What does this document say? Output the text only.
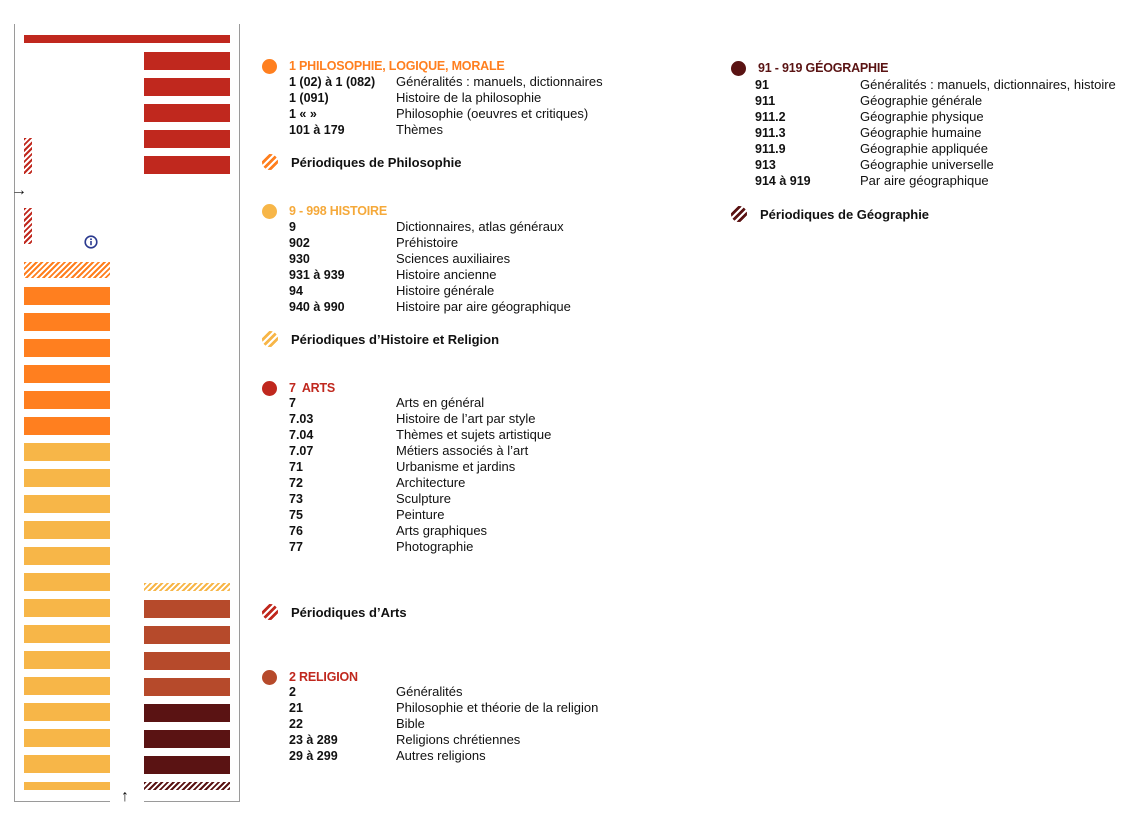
→
↑
1 PHILOSOPHIE, LOGIQUE, MORALE
1 (02) à 1 (082) Généralités : manuels, dictionnaires
1 (091)	Histoire de la philosophie
1 « »	Philosophie (oeuvres et critiques)
101 à 179	Thèmes
Périodiques de Philosophie
9 - 998 HISTOIRE
9	Dictionnaires, atlas généraux
902	Préhistoire
930	Sciences auxiliaires
931 à 939	Histoire ancienne
94	Histoire générale
940 à 990	Histoire par aire géographique
Périodiques d’Histoire et Religion
7  ARTS
7	Arts en général
7.03	Histoire de l’art par style
7.04	Thèmes et sujets artistique
7.07	Métiers associés à l’art
71	Urbanisme et jardins
72	Architecture
73	Sculpture
75	Peinture
76	Arts graphiques
77	Photographie
Périodiques d’Arts
2 RELIGION
2	Généralités
21	Philosophie et théorie de la religion
22	Bible
23 à 289	Religions chrétiennes
29 à 299	Autres religions
91 - 919 GÉOGRAPHIE
91	Généralités : manuels, dictionnaires, histoire
911	Géographie générale
911.2	Géographie physique
911.3	Géographie humaine
911.9	Géographie appliquée
913	Géographie universelle
914 à 919	Par aire géographique
Périodiques de Géographie
